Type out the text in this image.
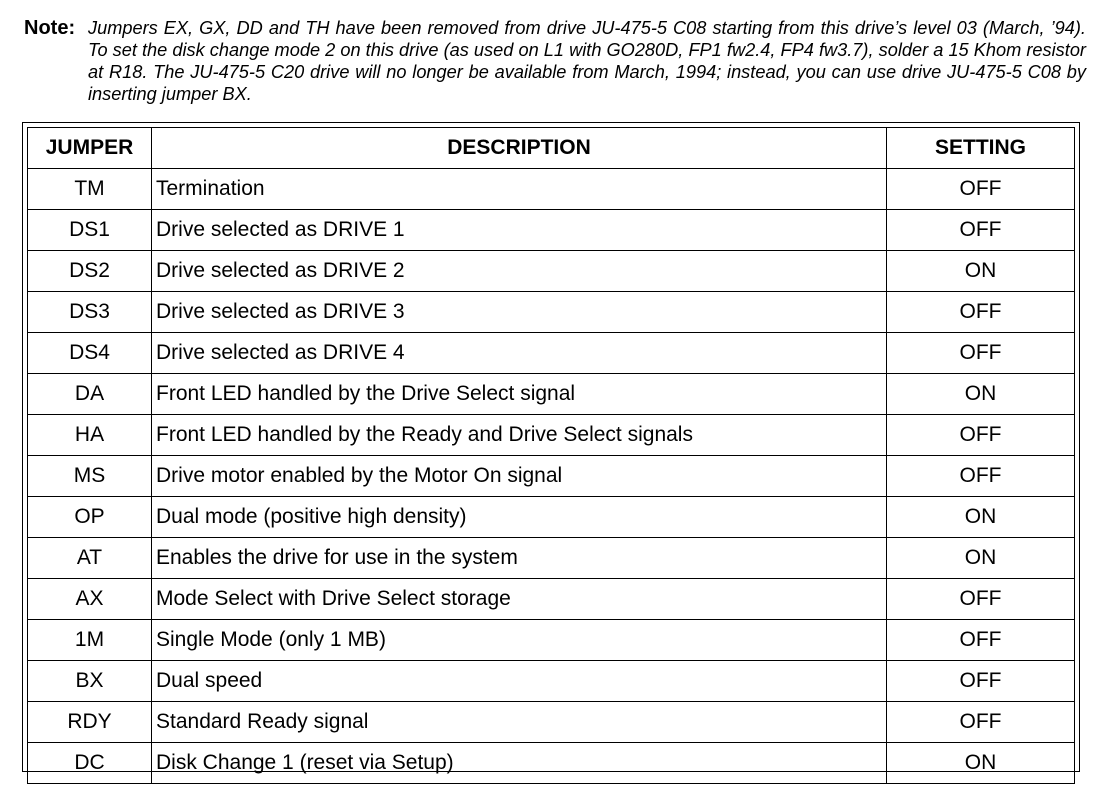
Note: Jumpers EX, GX, DD and TH have been removed from drive JU-475-5 C08 starting from this drive’s level 03 (March, ’94). To set the disk change mode 2 on this drive (as used on L1 with GO280D, FP1 fw2.4, FP4 fw3.7), solder a 15 Khom resistor at R18. The JU-475-5 C20 drive will no longer be available from March, 1994; instead, you can use drive JU-475-5 C08 by inserting jumper BX.
JUMPER	DESCRIPTION	SETTING
TM	Termination	OFF
DS1	Drive selected as DRIVE 1	OFF
DS2	Drive selected as DRIVE 2	ON
DS3	Drive selected as DRIVE 3	OFF
DS4	Drive selected as DRIVE 4	OFF
DA	Front LED handled by the Drive Select signal	ON
HA	Front LED handled by the Ready and Drive Select signals	OFF
MS	Drive motor enabled by the Motor On signal	OFF
OP	Dual mode (positive high density)	ON
AT	Enables the drive for use in the system	ON
AX	Mode Select with Drive Select storage	OFF
1M	Single Mode (only 1 MB)	OFF
BX	Dual speed	OFF
RDY	Standard Ready signal	OFF
DC	Disk Change 1 (reset via Setup)	ON
